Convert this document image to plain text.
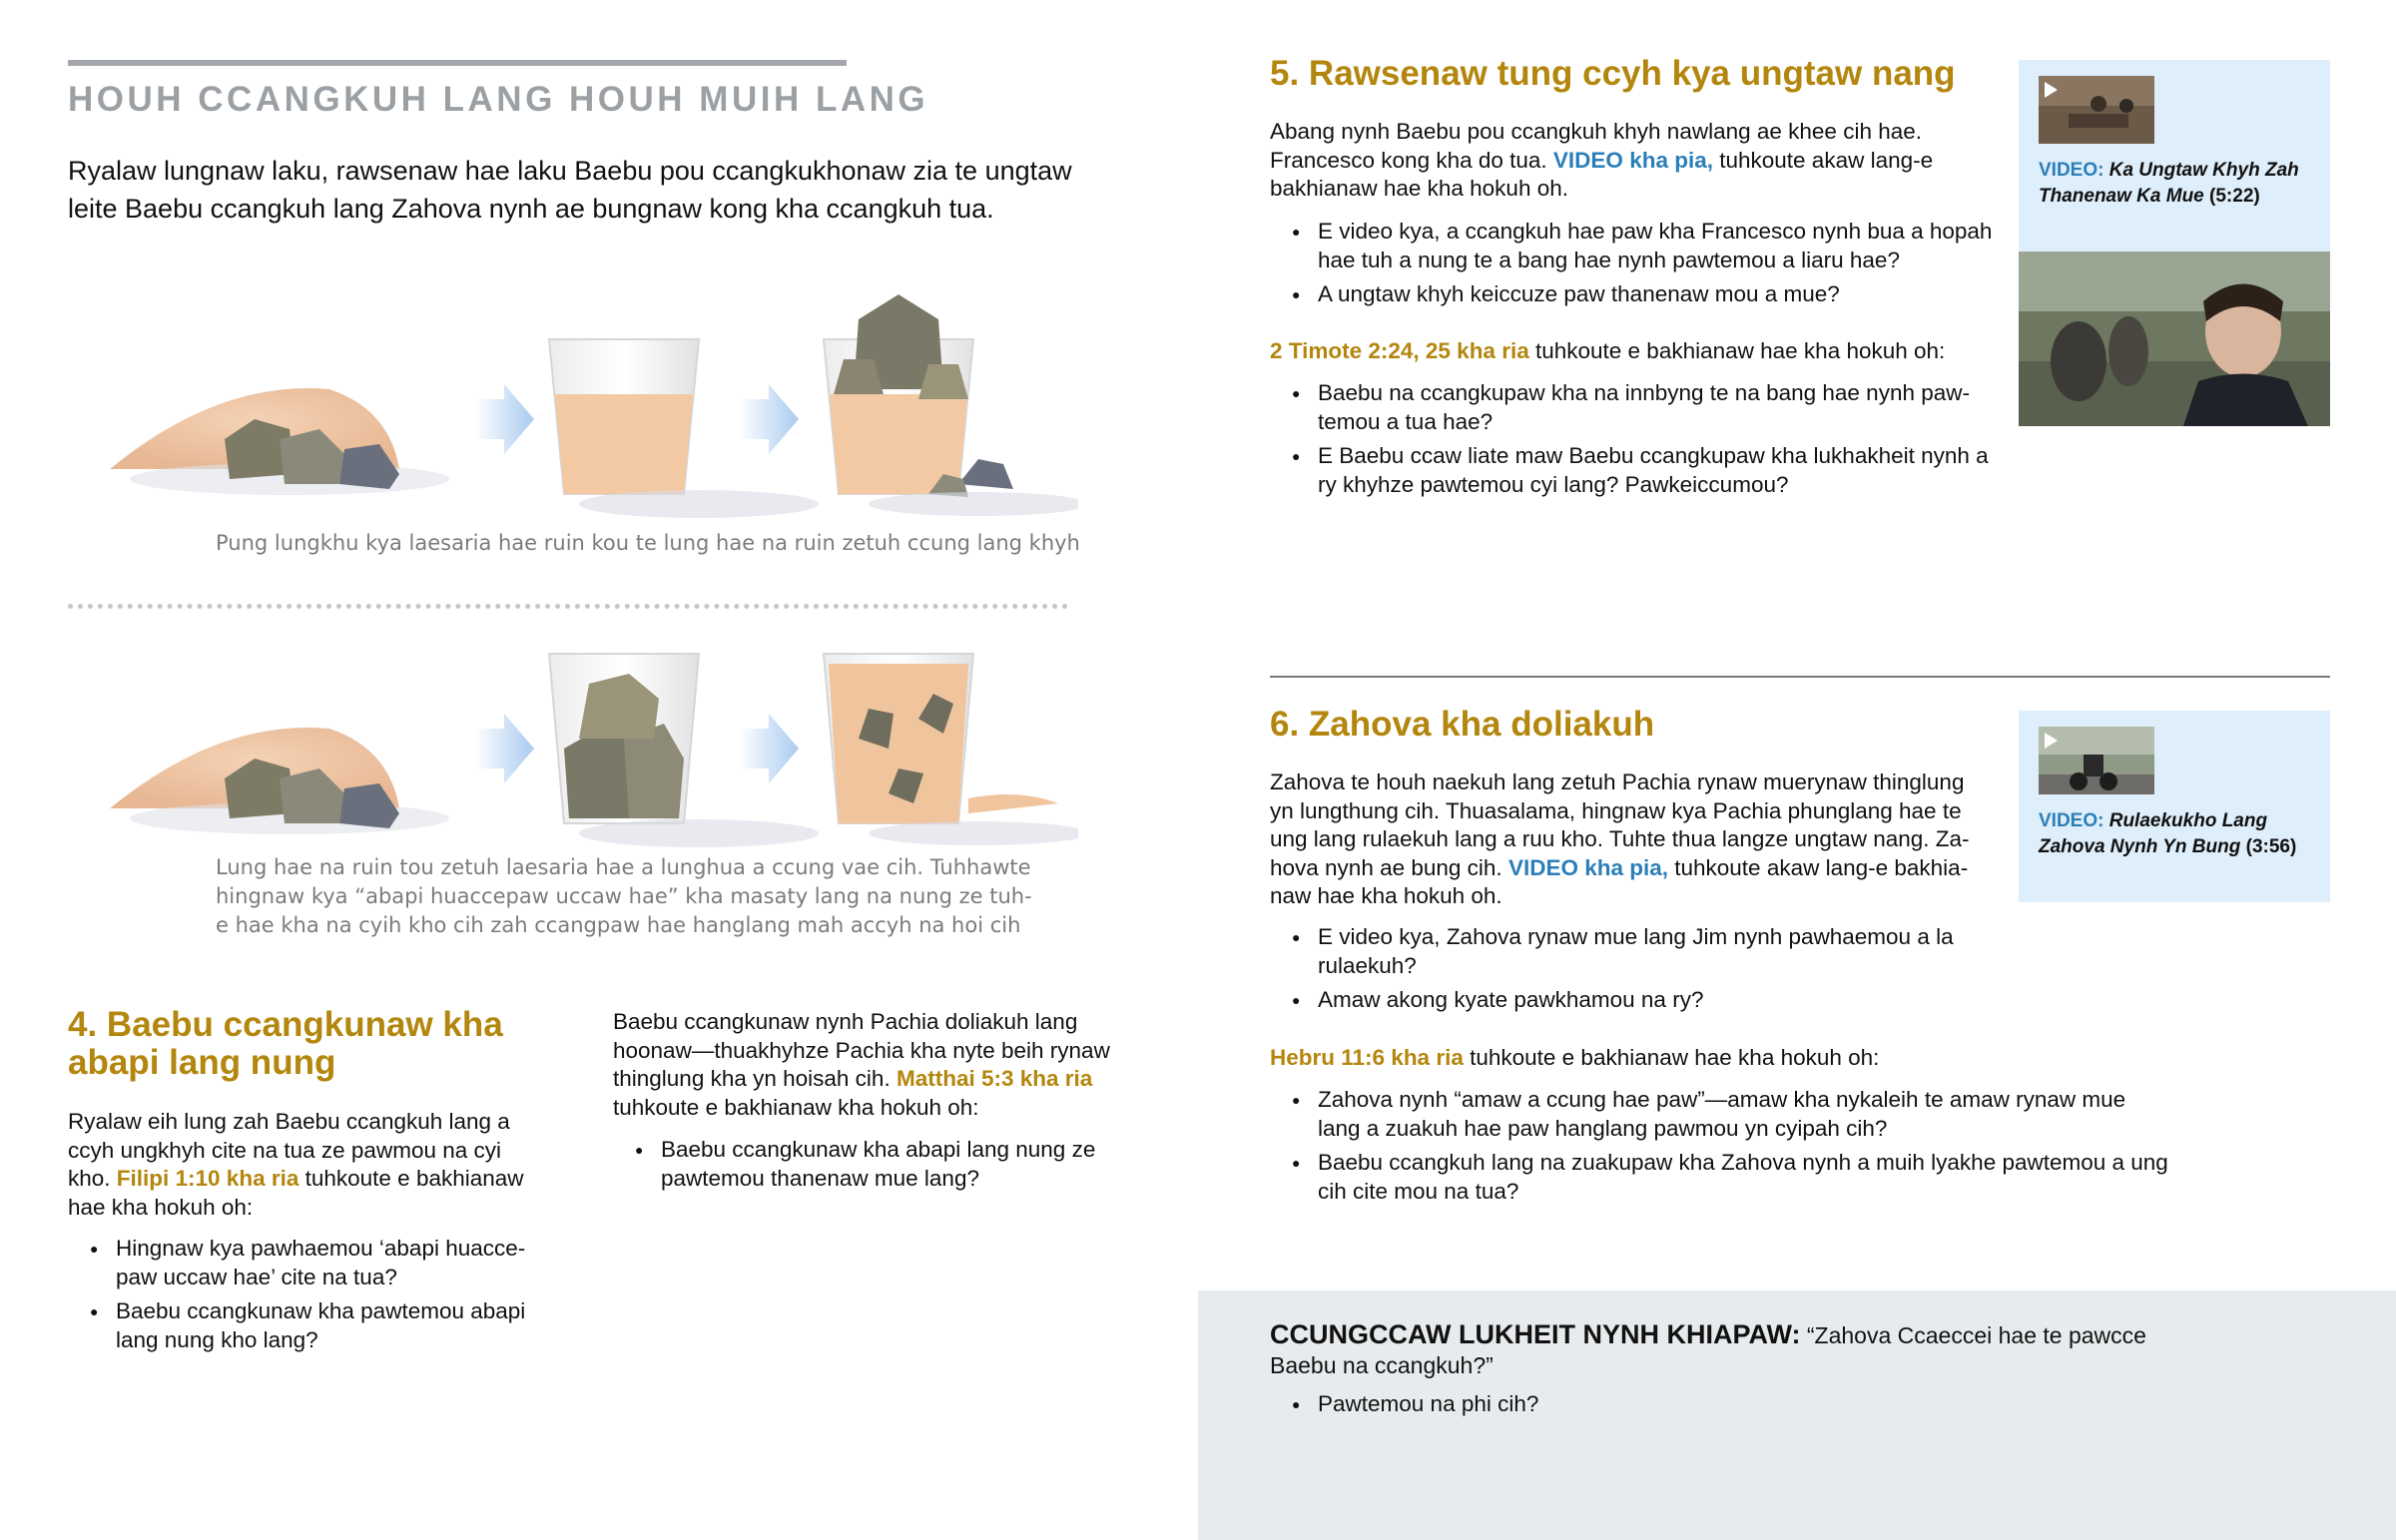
HOUH CCANGKUH LANG HOUH MUIH LANG
Ryalaw lungnaw laku, rawsenaw hae laku Baebu pou ccangkukhonaw zia te ungtaw leite Baebu ccangkuh lang Zahova nynh ae bungnaw kong kha ccangkuh tua.
Pung lungkhu kya laesaria hae ruin kou te lung hae na ruin zetuh ccung lang khyh
Lung hae na ruin tou zetuh laesaria hae a lunghua a ccung vae cih. Tuhhawte hingnaw kya “abapi huaccepaw uccaw hae” kha masaty lang na nung ze tuh-e hae kha na cyih kho cih zah ccangpaw hae hanglang mah accyh na hoi cih
4. Baebu ccangkunaw kha abapi lang nung
Ryalaw eih lung zah Baebu ccangkuh lang a ccyh ungkhyh cite na tua ze pawmou na cyi kho. Filipi 1:10 kha ria tuhkoute e bakhianaw hae kha hokuh oh:
● Hingnaw kya pawhaemou ‘abapi huacce-paw uccaw hae’ cite na tua?
● Baebu ccangkunaw kha pawtemou abapi lang nung kho lang?
Baebu ccangkunaw nynh Pachia doliakuh lang hoonaw—thuakhyhze Pachia kha nyte beih rynaw thinglung kha yn hoisah cih. Matthai 5:3 kha ria tuhkoute e bakhianaw kha hokuh oh:
● Baebu ccangkunaw kha abapi lang nung ze pawtemou thanenaw mue lang?
5. Rawsenaw tung ccyh kya ungtaw nang
Abang nynh Baebu pou ccangkuh khyh nawlang ae khee cih hae. Francesco kong kha do tua. VIDEO kha pia, tuhkoute akaw lang-e bakhianaw hae kha hokuh oh.
● E video kya, a ccangkuh hae paw kha Francesco nynh bua a hopah hae tuh a nung te a bang hae nynh pawtemou a liaru hae?
● A ungtaw khyh keiccuze paw thanenaw mou a mue?
2 Timote 2:24, 25 kha ria tuhkoute e bakhianaw hae kha hokuh oh:
● Baebu na ccangkupaw kha na innbyng te na bang hae nynh paw-temou a tua hae?
● E Baebu ccaw liate maw Baebu ccangkupaw kha lukhakheit nynh a ry khyhze pawtemou cyi lang? Pawkeiccumou?
VIDEO: Ka Ungtaw Khyh Zah Thanenaw Ka Mue (5:22)
6. Zahova kha doliakuh
Zahova te houh naekuh lang zetuh Pachia rynaw muerynaw thinglung yn lungthung cih. Thuasalama, hingnaw kya Pachia phunglang hae te ung lang rulaekuh lang a ruu kho. Tuhte thua langze ungtaw nang. Za-hova nynh ae bung cih. VIDEO kha pia, tuhkoute akaw lang-e bakhia-naw hae kha hokuh oh.
● E video kya, Zahova rynaw mue lang Jim nynh pawhaemou a la rulaekuh?
● Amaw akong kyate pawkhamou na ry?
Hebru 11:6 kha ria tuhkoute e bakhianaw hae kha hokuh oh:
● Zahova nynh “amaw a ccung hae paw”—amaw kha nykaleih te amaw rynaw mue lang a zuakuh hae paw hanglang pawmou yn cyipah cih?
● Baebu ccangkuh lang na zuakupaw kha Zahova nynh a muih lyakhe pawtemou a ung cih cite mou na tua?
VIDEO: Rulaekukho Lang Zahova Nynh Yn Bung (3:56)
CCUNGCCAW LUKHEIT NYNH KHIAPAW: “Zahova Ccaeccei hae te pawcce Baebu na ccangkuh?”
● Pawtemou na phi cih?
